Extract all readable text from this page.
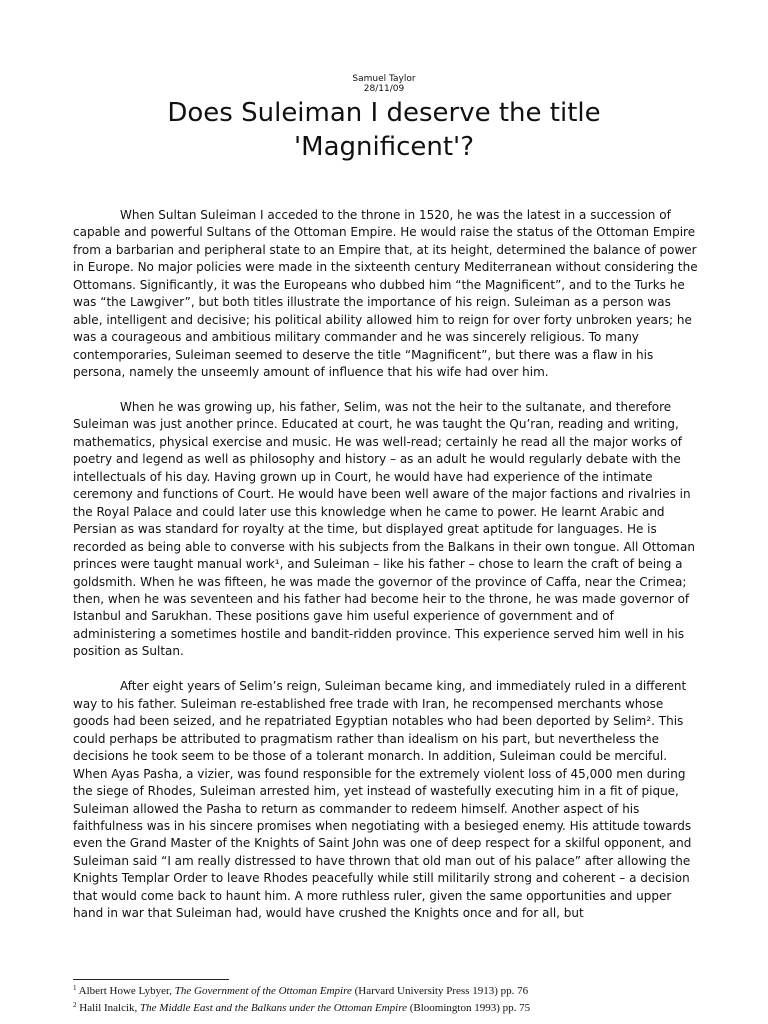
Samuel Taylor
28/11/09
Does Suleiman I deserve the title
'Magnificent'?

When Sultan Suleiman I acceded to the throne in 1520, he was the latest in a succession of capable and powerful Sultans of the Ottoman Empire. He would raise the status of the Ottoman Empire from a barbarian and peripheral state to an Empire that, at its height, determined the balance of power in Europe. No major policies were made in the sixteenth century Mediterranean without considering the Ottomans. Significantly, it was the Europeans who dubbed him “the Magnificent”, and to the Turks he was “the Lawgiver”, but both titles illustrate the importance of his reign. Suleiman as a person was able, intelligent and decisive; his political ability allowed him to reign for over forty unbroken years; he was a courageous and ambitious military commander and he was sincerely religious. To many contemporaries, Suleiman seemed to deserve the title “Magnificent”, but there was a flaw in his persona, namely the unseemly amount of influence that his wife had over him.

When he was growing up, his father, Selim, was not the heir to the sultanate, and therefore Suleiman was just another prince. Educated at court, he was taught the Qu’ran, reading and writing, mathematics, physical exercise and music. He was well-read; certainly he read all the major works of poetry and legend as well as philosophy and history – as an adult he would regularly debate with the intellectuals of his day. Having grown up in Court, he would have had experience of the intimate ceremony and functions of Court. He would have been well aware of the major factions and rivalries in the Royal Palace and could later use this knowledge when he came to power. He learnt Arabic and Persian as was standard for royalty at the time, but displayed great aptitude for languages. He is recorded as being able to converse with his subjects from the Balkans in their own tongue. All Ottoman princes were taught manual work¹, and Suleiman – like his father – chose to learn the craft of being a goldsmith. When he was fifteen, he was made the governor of the province of Caffa, near the Crimea; then, when he was seventeen and his father had become heir to the throne, he was made governor of Istanbul and Sarukhan. These positions gave him useful experience of government and of administering a sometimes hostile and bandit-ridden province. This experience served him well in his position as Sultan.

After eight years of Selim’s reign, Suleiman became king, and immediately ruled in a different way to his father. Suleiman re-established free trade with Iran, he recompensed merchants whose goods had been seized, and he repatriated Egyptian notables who had been deported by Selim². This could perhaps be attributed to pragmatism rather than idealism on his part, but nevertheless the decisions he took seem to be those of a tolerant monarch. In addition, Suleiman could be merciful. When Ayas Pasha, a vizier, was found responsible for the extremely violent loss of 45,000 men during the siege of Rhodes, Suleiman arrested him, yet instead of wastefully executing him in a fit of pique, Suleiman allowed the Pasha to return as commander to redeem himself. Another aspect of his faithfulness was in his sincere promises when negotiating with a besieged enemy. His attitude towards even the Grand Master of the Knights of Saint John was one of deep respect for a skilful opponent, and Suleiman said “I am really distressed to have thrown that old man out of his palace” after allowing the Knights Templar Order to leave Rhodes peacefully while still militarily strong and coherent – a decision that would come back to haunt him. A more ruthless ruler, given the same opportunities and upper hand in war that Suleiman had, would have crushed the Knights once and for all, but

$^1$ Albert Howe Lybyer, The Government of the Ottoman Empire (Harvard University Press 1913) pp. 76
$^2$ Halil Inalcik, The Middle East and the Balkans under the Ottoman Empire (Bloomington 1993) pp. 75
